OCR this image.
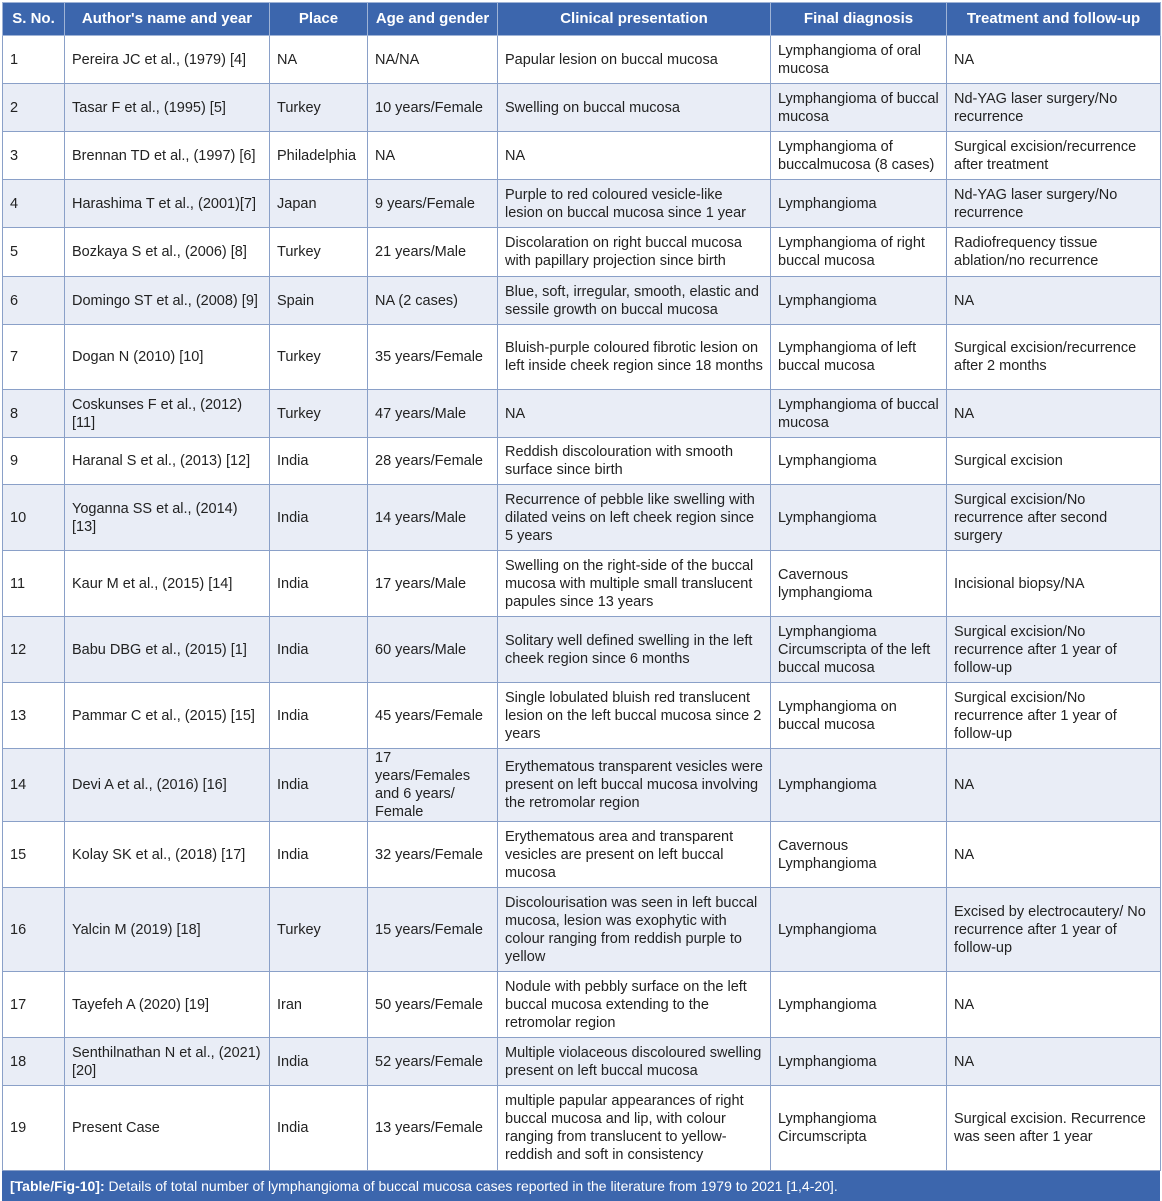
S. No.	Author's name and year	Place	Age and gender	Clinical presentation	Final diagnosis	Treatment and follow-up
1	Pereira JC et al., (1979) [4]	NA	NA/NA	Papular lesion on buccal mucosa	Lymphangioma of oral mucosa	NA
2	Tasar F et al., (1995) [5]	Turkey	10 years/Female	Swelling on buccal mucosa	Lymphangioma of buccal mucosa	Nd-YAG laser surgery/No recurrence
3	Brennan TD et al., (1997) [6]	Philadelphia	NA	NA	Lymphangioma of buccalmucosa (8 cases)	Surgical excision/recurrence after treatment
4	Harashima T et al., (2001)[7]	Japan	9 years/Female	Purple to red coloured vesicle-like lesion on buccal mucosa since 1 year	Lymphangioma	Nd-YAG laser surgery/No recurrence
5	Bozkaya S et al., (2006) [8]	Turkey	21 years/Male	Discolaration on right buccal mucosa with papillary projection since birth	Lymphangioma of right buccal mucosa	Radiofrequency tissue ablation/no recurrence
6	Domingo ST et al., (2008) [9]	Spain	NA (2 cases)	Blue, soft, irregular, smooth, elastic and sessile growth on buccal mucosa	Lymphangioma	NA
7	Dogan N (2010) [10]	Turkey	35 years/Female	Bluish-purple coloured fibrotic lesion on left inside cheek region since 18 months	Lymphangioma of left buccal mucosa	Surgical excision/recurrence after 2 months
8	Coskunses F et al., (2012) [11]	Turkey	47 years/Male	NA	Lymphangioma of buccal mucosa	NA
9	Haranal S et al., (2013) [12]	India	28 years/Female	Reddish discolouration with smooth surface since birth	Lymphangioma	Surgical excision
10	Yoganna SS et al., (2014) [13]	India	14 years/Male	Recurrence of pebble like swelling with dilated veins on left cheek region since 5 years	Lymphangioma	Surgical excision/No recurrence after second surgery
11	Kaur M et al., (2015) [14]	India	17 years/Male	Swelling on the right-side of the buccal mucosa with multiple small translucent papules since 13 years	Cavernous lymphangioma	Incisional biopsy/NA
12	Babu DBG et al., (2015) [1]	India	60 years/Male	Solitary well defined swelling in the left cheek region since 6 months	Lymphangioma Circumscripta of the left buccal mucosa	Surgical excision/No recurrence after 1 year of follow-up
13	Pammar C et al., (2015) [15]	India	45 years/Female	Single lobulated bluish red translucent lesion on the left buccal mucosa since 2 years	Lymphangioma on buccal mucosa	Surgical excision/No recurrence after 1 year of follow-up
14	Devi A et al., (2016) [16]	India	17 years/Females and 6 years/ Female	Erythematous transparent vesicles were present on left buccal mucosa involving the retromolar region	Lymphangioma	NA
15	Kolay SK et al., (2018) [17]	India	32 years/Female	Erythematous area and transparent vesicles are present on left buccal mucosa	Cavernous Lymphangioma	NA
16	Yalcin M (2019) [18]	Turkey	15 years/Female	Discolourisation was seen in left buccal mucosa, lesion was exophytic with colour ranging from reddish purple to yellow	Lymphangioma	Excised by electrocautery/ No recurrence after 1 year of follow-up
17	Tayefeh A (2020) [19]	Iran	50 years/Female	Nodule with pebbly surface on the left buccal mucosa extending to the retromolar region	Lymphangioma	NA
18	Senthilnathan N et al., (2021) [20]	India	52 years/Female	Multiple violaceous discoloured swelling present on left buccal mucosa	Lymphangioma	NA
19	Present Case	India	13 years/Female	multiple papular appearances of right buccal mucosa and lip, with colour ranging from translucent to yellow-reddish and soft in consistency	Lymphangioma Circumscripta	Surgical excision. Recurrence was seen after 1 year
[Table/Fig-10]: Details of total number of lymphangioma of buccal mucosa cases reported in the literature from 1979 to 2021 [1,4-20].
